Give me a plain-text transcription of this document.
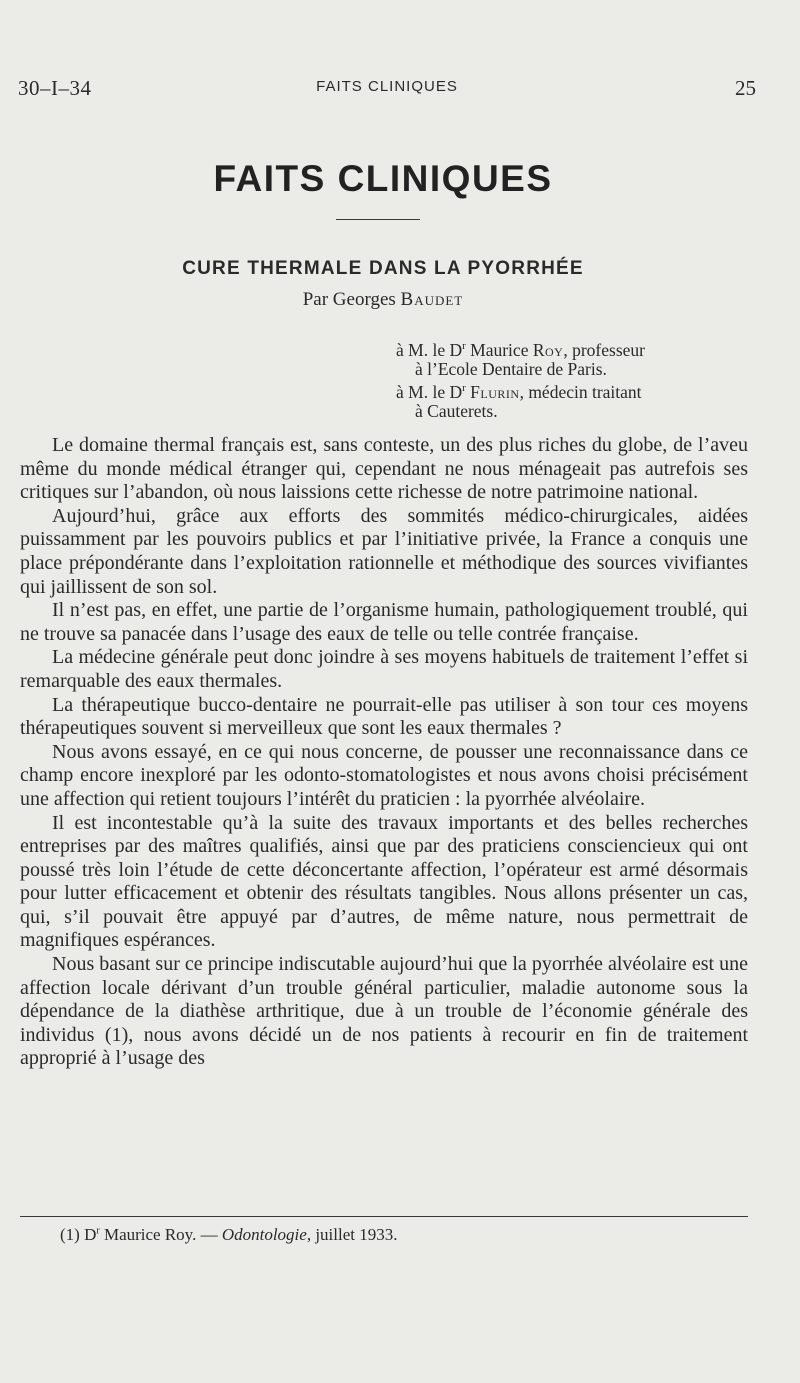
30–I–34	FAITS CLINIQUES	25
FAITS CLINIQUES
CURE THERMALE DANS LA PYORRHÉE
Par Georges Baudet
à M. le $D^r$ Maurice Roy, professeur
à l’Ecole Dentaire de Paris.
à M. le $D^r$ Flurin, médecin traitant
à Cauterets.

Le domaine thermal français est, sans conteste, un des plus riches du globe, de l’aveu même du monde médical étranger qui, cependant ne nous ménageait pas autrefois ses critiques sur l’abandon, où nous laissions cette richesse de notre patrimoine national.

Aujourd’hui, grâce aux efforts des sommités médico-chirurgicales, aidées puissamment par les pouvoirs publics et par l’initiative privée, la France a conquis une place prépondérante dans l’exploitation rationnelle et méthodique des sources vivifiantes qui jaillissent de son sol.

Il n’est pas, en effet, une partie de l’organisme humain, pathologiquement troublé, qui ne trouve sa panacée dans l’usage des eaux de telle ou telle contrée française.

La médecine générale peut donc joindre à ses moyens habituels de traitement l’effet si remarquable des eaux thermales.

La thérapeutique bucco-dentaire ne pourrait-elle pas utiliser à son tour ces moyens thérapeutiques souvent si merveilleux que sont les eaux thermales ?

Nous avons essayé, en ce qui nous concerne, de pousser une reconnaissance dans ce champ encore inexploré par les odonto-stomatologistes et nous avons choisi précisément une affection qui retient toujours l’intérêt du praticien : la pyorrhée alvéolaire.

Il est incontestable qu’à la suite des travaux importants et des belles recherches entreprises par des maîtres qualifiés, ainsi que par des praticiens consciencieux qui ont poussé très loin l’étude de cette déconcertante affection, l’opérateur est armé désormais pour lutter efficacement et obtenir des résultats tangibles. Nous allons présenter un cas, qui, s’il pouvait être appuyé par d’autres, de même nature, nous permettrait de magnifiques espérances.

Nous basant sur ce principe indiscutable aujourd’hui que la pyorrhée alvéolaire est une affection locale dérivant d’un trouble général particulier, maladie autonome sous la dépendance de la diathèse arthritique, due à un trouble de l’économie générale des individus (1), nous avons décidé un de nos patients à recourir en fin de traitement approprié à l’usage des

(1) $D^r$ Maurice Roy. — Odontologie, juillet 1933.
